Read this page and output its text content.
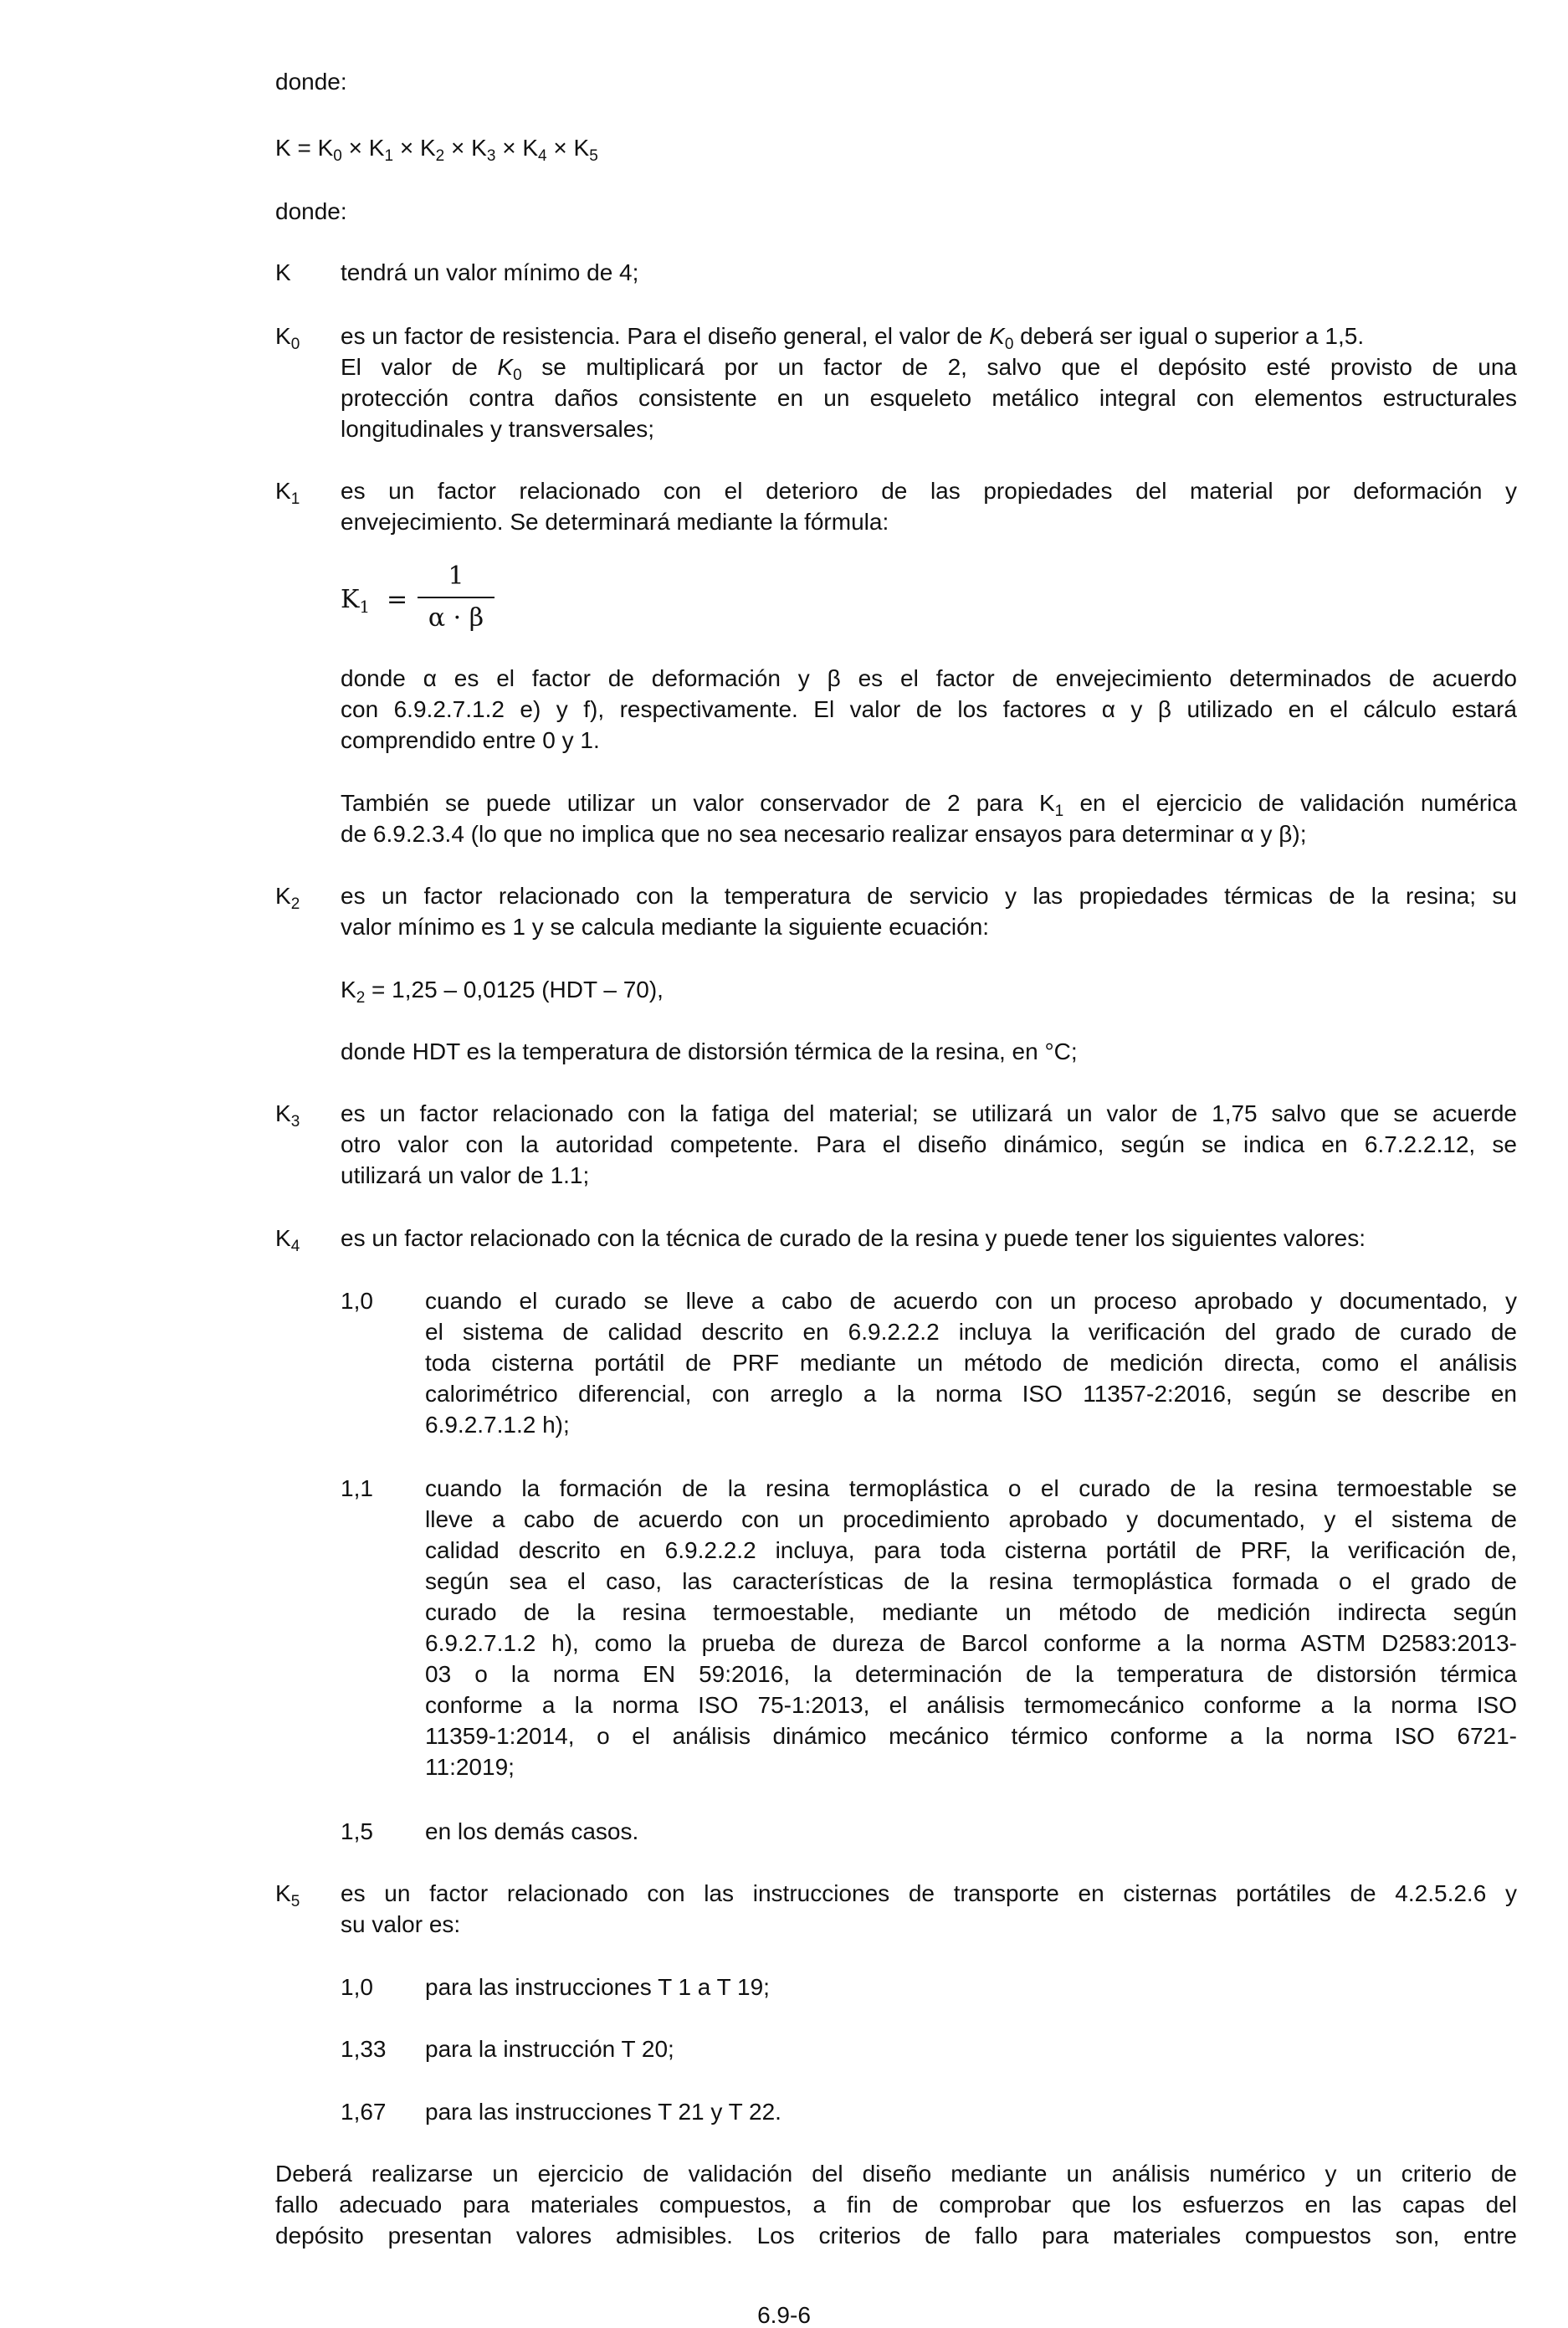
donde:
$K = K_0 \times K_1 \times K_2 \times K_3 \times K_4 \times K_5$
donde:
K tendrá un valor mínimo de 4;
$K_0$ es un factor de resistencia. Para el diseño general, el valor de $K_0$ deberá ser igual o superior a 1,5.
El valor de $K_0$ se multiplicará por un factor de 2, salvo que el depósito esté provisto de una
protección contra daños consistente en un esqueleto metálico integral con elementos estructurales
longitudinales y transversales;
$K_1$ es un factor relacionado con el deterioro de las propiedades del material por deformación y
envejecimiento. Se determinará mediante la fórmula:
$K_1$ =
1
α · β
donde α es el factor de deformación y β es el factor de envejecimiento determinados de acuerdo
con 6.9.2.7.1.2 e) y f), respectivamente. El valor de los factores α y β utilizado en el cálculo estará
comprendido entre 0 y 1.
También se puede utilizar un valor conservador de 2 para $K_1$ en el ejercicio de validación numérica
de 6.9.2.3.4 (lo que no implica que no sea necesario realizar ensayos para determinar α y β);
$K_2$ es un factor relacionado con la temperatura de servicio y las propiedades térmicas de la resina; su
valor mínimo es 1 y se calcula mediante la siguiente ecuación:
$K_2 = 1,25 - 0,0125$ (HDT – 70),
donde HDT es la temperatura de distorsión térmica de la resina, en °C;
$K_3$ es un factor relacionado con la fatiga del material; se utilizará un valor de 1,75 salvo que se acuerde
otro valor con la autoridad competente. Para el diseño dinámico, según se indica en 6.7.2.2.12, se
utilizará un valor de 1.1;
$K_4$ es un factor relacionado con la técnica de curado de la resina y puede tener los siguientes valores:
1,0 cuando el curado se lleve a cabo de acuerdo con un proceso aprobado y documentado, y
el sistema de calidad descrito en 6.9.2.2.2 incluya la verificación del grado de curado de
toda cisterna portátil de PRF mediante un método de medición directa, como el análisis
calorimétrico diferencial, con arreglo a la norma ISO 11357-2:2016, según se describe en
6.9.2.7.1.2 h);
1,1 cuando la formación de la resina termoplástica o el curado de la resina termoestable se
lleve a cabo de acuerdo con un procedimiento aprobado y documentado, y el sistema de
calidad descrito en 6.9.2.2.2 incluya, para toda cisterna portátil de PRF, la verificación de,
según sea el caso, las características de la resina termoplástica formada o el grado de
curado de la resina termoestable, mediante un método de medición indirecta según
6.9.2.7.1.2 h), como la prueba de dureza de Barcol conforme a la norma ASTM D2583:2013-
03 o la norma EN 59:2016, la determinación de la temperatura de distorsión térmica
conforme a la norma ISO 75-1:2013, el análisis termomecánico conforme a la norma ISO
11359-1:2014, o el análisis dinámico mecánico térmico conforme a la norma ISO 6721-
11:2019;
1,5 en los demás casos.
$K_5$ es un factor relacionado con las instrucciones de transporte en cisternas portátiles de 4.2.5.2.6 y
su valor es:
1,0 para las instrucciones T 1 a T 19;
1,33 para la instrucción T 20;
1,67 para las instrucciones T 21 y T 22.
Deberá realizarse un ejercicio de validación del diseño mediante un análisis numérico y un criterio de
fallo adecuado para materiales compuestos, a fin de comprobar que los esfuerzos en las capas del
depósito presentan valores admisibles. Los criterios de fallo para materiales compuestos son, entre
6.9-6
